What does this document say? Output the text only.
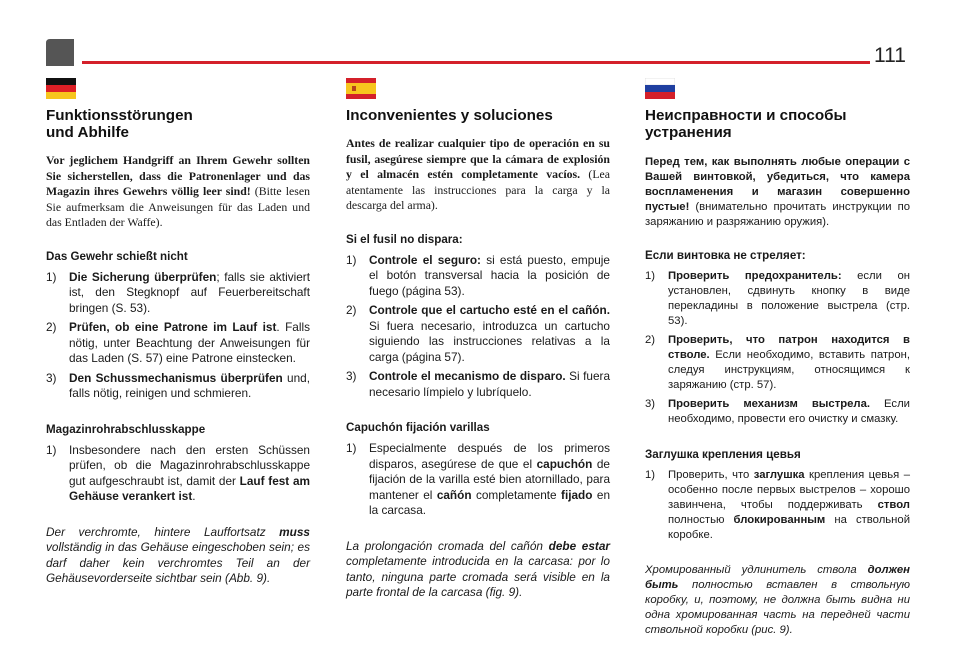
111
Funktionsstörungen
und Abhilfe

Vor jeglichem Handgriff an Ihrem Gewehr sollten Sie sicherstellen, dass die Patronenlager und das Magazin ihres Gewehrs völlig leer sind! (Bitte lesen Sie aufmerksam die Anweisungen für das Laden und das Entladen der Waffe).

Das Gewehr schießt nicht
1) Die Sicherung überprüfen; falls sie aktiviert ist, den Stegknopf auf Feuerbereitschaft bringen (S. 53).
2) Prüfen, ob eine Patrone im Lauf ist. Falls nötig, unter Beachtung der Anweisungen für das Laden (S. 57) eine Patrone einstecken.
3) Den Schussmechanismus überprüfen und, falls nötig, reinigen und schmieren.
Magazinrohrabschlusskappe
1) Insbesondere nach den ersten Schüssen prüfen, ob die Magazinrohrabschlusskappe gut aufgeschraubt ist, damit der Lauf fest am Gehäuse verankert ist.

Der verchromte, hintere Lauffortsatz muss vollständig in das Gehäuse eingeschoben sein; es darf daher kein verchromtes Teil an der Gehäusevorderseite sichtbar sein (Abb. 9).

Inconvenientes y soluciones

Antes de realizar cualquier tipo de operación en su fusil, asegúrese siempre que la cámara de explosión y el almacén estén completamente vacíos. (Lea atentamente las instrucciones para la carga y la descarga del arma).

Si el fusil no dispara:
1) Controle el seguro: si está puesto, empuje el botón transversal hacia la posición de fuego (página 53).
2) Controle que el cartucho esté en el cañón. Si fuera necesario, introduzca un cartucho siguiendo las instrucciones relativas a la carga (página 57).
3) Controle el mecanismo de disparo. Si fuera necesario límpielo y lubríquelo.
Capuchón fijación varillas
1) Especialmente después de los primeros disparos, asegúrese de que el capuchón de fijación de la varilla esté bien atornillado, para mantener el cañón completamente fijado en la carcasa.

La prolongación cromada del cañón debe estar completamente introducida en la carcasa: por lo tanto, ninguna parte cromada será visible en la parte frontal de la carcasa (fig. 9).

Неисправности и способы
устранения

Перед тем, как выполнять любые операции с Вашей винтовкой, убедиться, что камера воспламенения и магазин совершенно пустые! (внимательно прочитать инструкции по заряжанию и разряжанию оружия).

Если винтовка не стреляет:
1) Проверить предохранитель: если он установлен, сдвинуть кнопку в виде перекладины в положение выстрела (стр. 53).
2) Проверить, что патрон находится в стволе. Если необходимо, вставить патрон, следуя инструкциям, относящимся к заряжанию (стр. 57).
3) Проверить механизм выстрела. Если необходимо, провести его очистку и смазку.
Заглушка крепления цевья
1) Проверить, что заглушка крепления цевья – особенно после первых выстрелов – хорошо завинчена, чтобы поддерживать ствол полностью блокированным на ствольной коробке.

Хромированный удлинитель ствола должен быть полностью вставлен в ствольную коробку, и, поэтому, не должна быть видна ни одна хромированная часть на передней части ствольной коробки (рис. 9).
